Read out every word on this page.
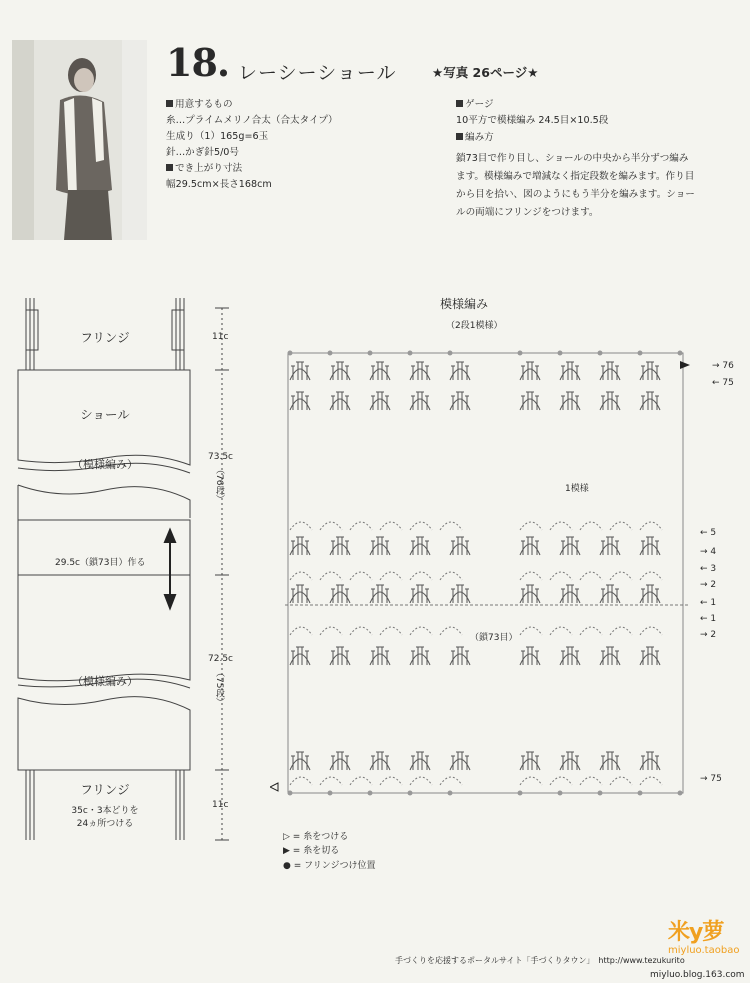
18. レーシーショール	★写真 26ページ★
用意するもの
糸…プライムメリノ合太（合太タイプ）
生成り（1）165g=6玉
針…かぎ針5/0号
でき上がり寸法
幅29.5cm×長さ168cm
ゲージ
10平方で模様編み 24.5目×10.5段
編み方
鎖73目で作り目し、ショールの中央から半分ずつ編み
ます。模様編みで増減なく指定段数を編みます。作り目
から目を拾い、図のようにもう半分を編みます。ショー
ルの両端にフリンジをつけます。
フリンジ
ショール
（模様編み）
29.5c（鎖73目）作る
（模様編み）
フリンジ
35c・3本どりを
24ヵ所つける
11c
73.5c
（76段）
72.5c
（75段）
11c
模様編み
（2段1模様）
1模様
（鎖73目）
→ 76
← 75
← 5
→ 4
← 3
→ 2
← 1
← 1
→ 2
→ 75
▷ = 糸をつける
▶ = 糸を切る
● = フリンジつけ位置
手づくりを応援するポータルサイト「手づくりタウン」　http://www.tezukurito
米y萝
miyluo.taobao
miyluo.blog.163.com
